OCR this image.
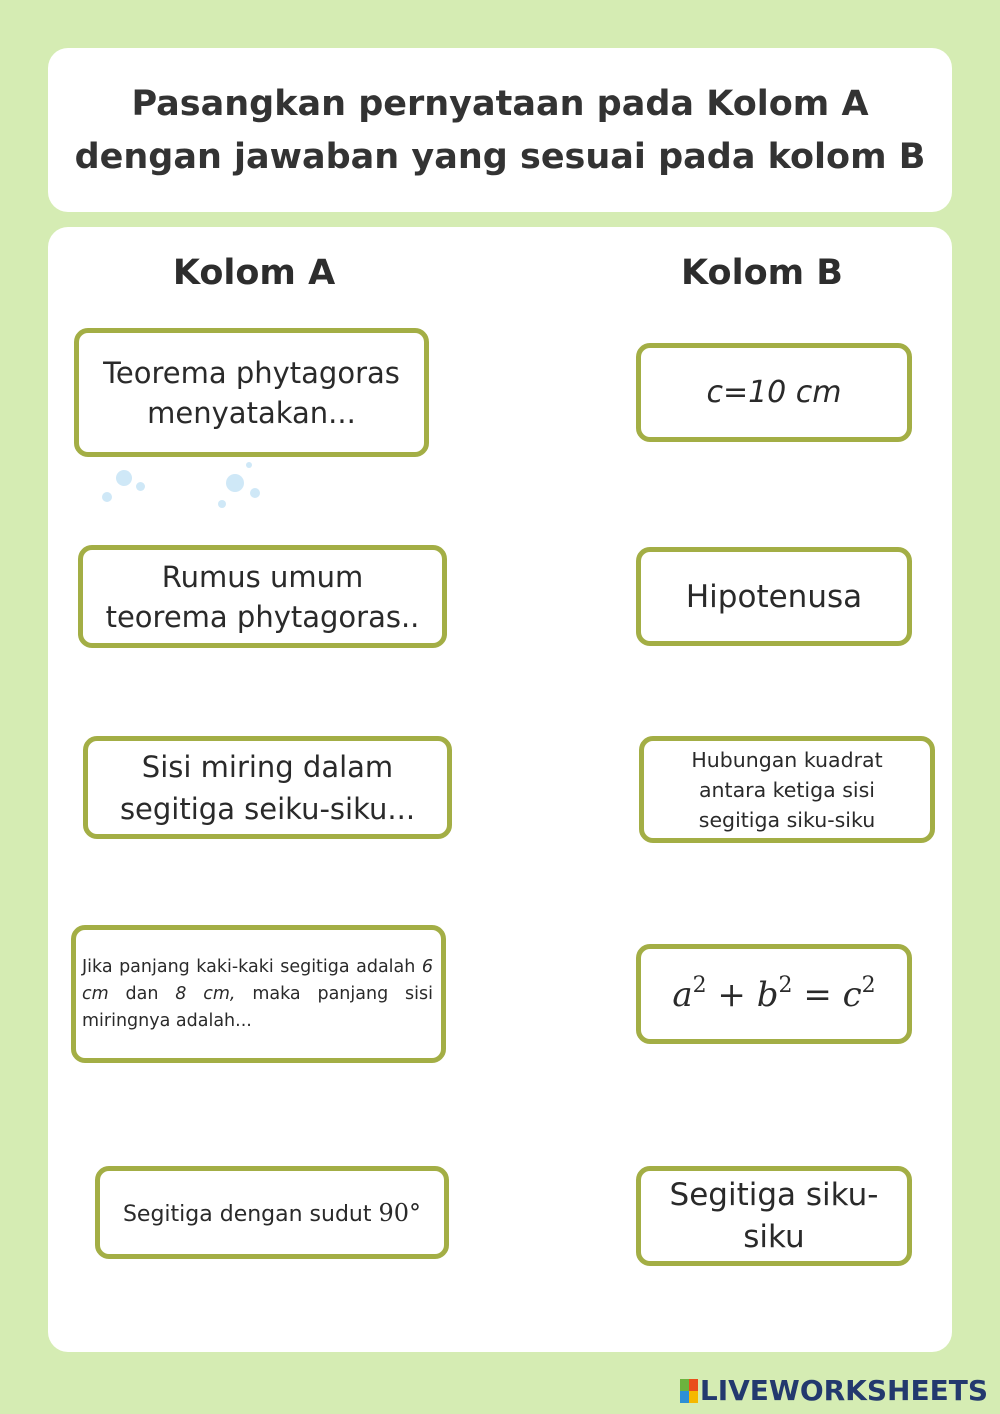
Pasangkan pernyataan pada Kolom A
dengan jawaban yang sesuai pada kolom B
Kolom A	Kolom B
Teorema phytagoras
menyatakan...
Rumus umum
teorema phytagoras..
Sisi miring dalam
segitiga seiku-siku...
Jika panjang kaki-kaki segitiga adalah 6 cm dan 8 cm, maka panjang sisi miringnya adalah...
Segitiga dengan sudut 90°
c=10 cm
Hipotenusa
Hubungan kuadrat
antara ketiga sisi
segitiga siku-siku
$a^2 + b^2 = c^2$
Segitiga siku-
siku
LIVEWORKSHEETS
